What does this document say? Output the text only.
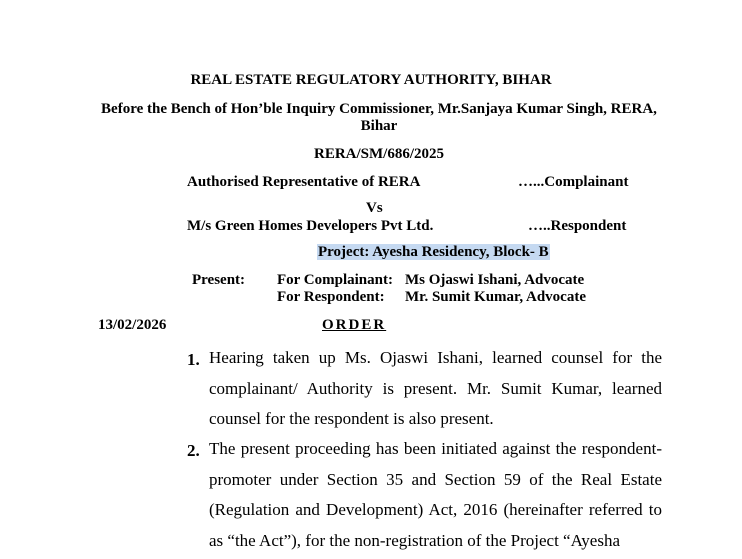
REAL ESTATE REGULATORY AUTHORITY, BIHAR
Before the Bench of Hon’ble Inquiry Commissioner, Mr.Sanjaya Kumar Singh, RERA,
Bihar
RERA/SM/686/2025
Authorised Representative of RERA	…...Complainant
Vs
M/s Green Homes Developers Pvt Ltd.	…..Respondent
Project: Ayesha Residency, Block- B
Present: For Complainant: Ms Ojaswi Ishani, Advocate
For Respondent: Mr. Sumit Kumar, Advocate
13/02/2026	ORDER
1. Hearing taken up Ms. Ojaswi Ishani, learned counsel for the complainant/ Authority is present. Mr. Sumit Kumar, learned counsel for the respondent is also present.
2. The present proceeding has been initiated against the respondent-promoter under Section 35 and Section 59 of the Real Estate (Regulation and Development) Act, 2016 (hereinafter referred to as “the Act”), for the non-registration of the Project “Ayesha
